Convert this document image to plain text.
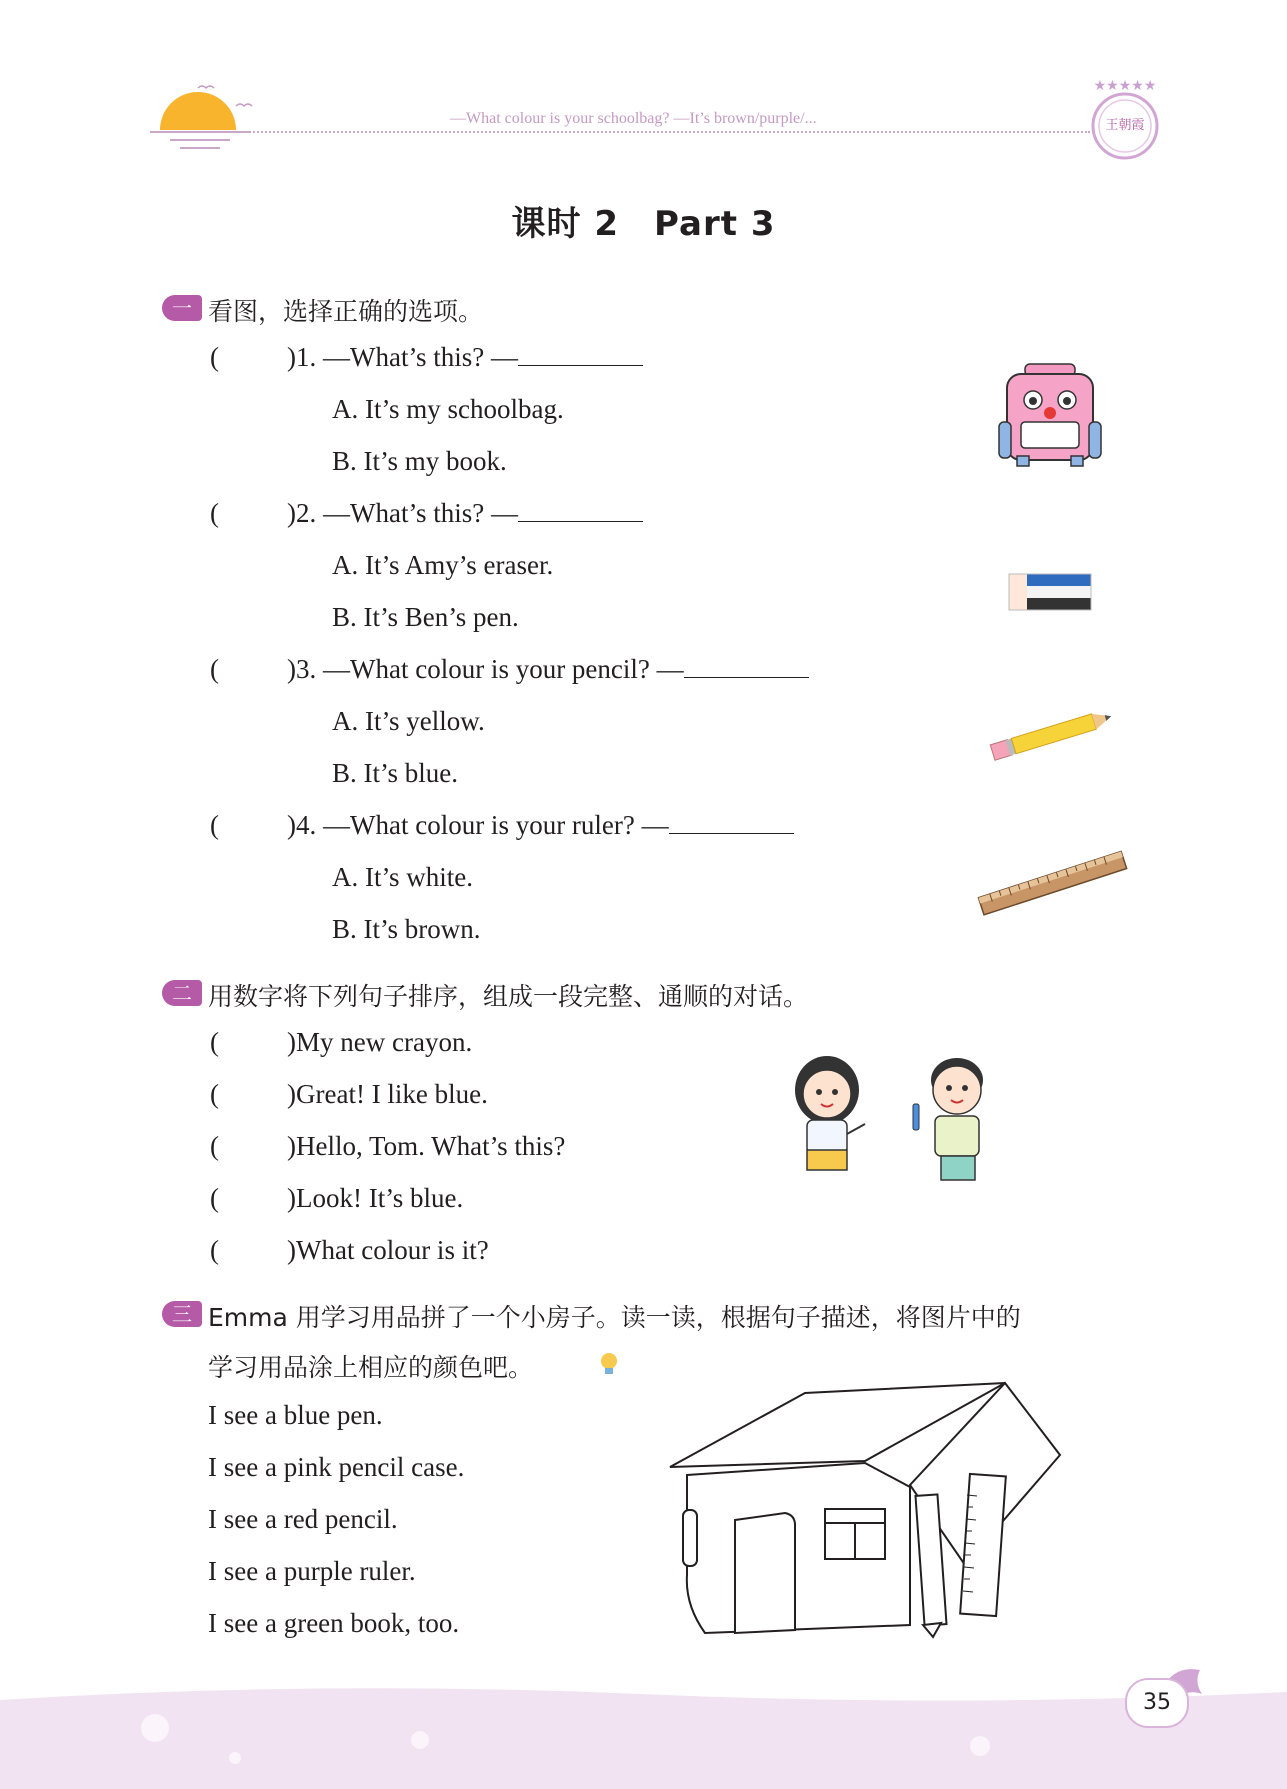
—What colour is your schoolbag? —It’s brown/purple/...
★★★★★
王朝霞
课时 2　Part 3
一 看图，选择正确的选项。
(	)1. —What’s this? —
A. It’s my schoolbag.
B. It’s my book.
(	)2. —What’s this? —
A. It’s Amy’s eraser.
B. It’s Ben’s pen.
(	)3. —What colour is your pencil? —
A. It’s yellow.
B. It’s blue.
(	)4. —What colour is your ruler? —
A. It’s white.
B. It’s brown.
二 用数字将下列句子排序，组成一段完整、通顺的对话。
(	)My new crayon.
(	)Great! I like blue.
(	)Hello, Tom. What’s this?
(	)Look! It’s blue.
(	)What colour is it?
三 Emma 用学习用品拼了一个小房子。读一读，根据句子描述，将图片中的
学习用品涂上相应的颜色吧。
I see a blue pen.
I see a pink pencil case.
I see a red pencil.
I see a purple ruler.
I see a green book, too.
35
